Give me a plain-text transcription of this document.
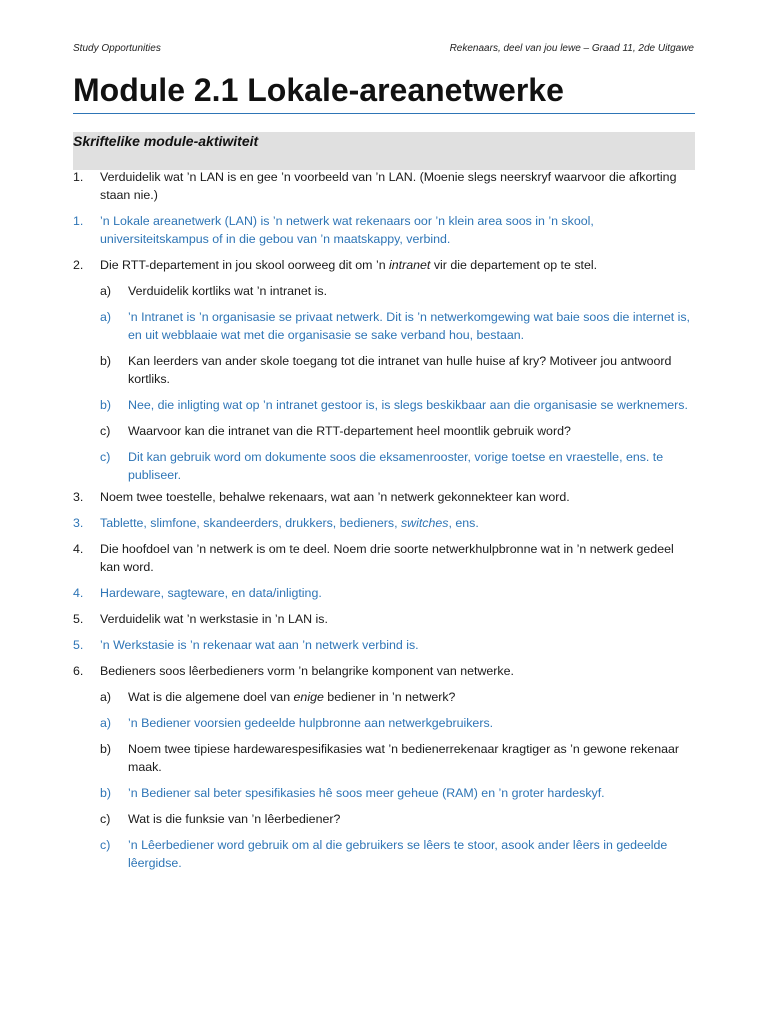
Study Opportunities	Rekenaars, deel van jou lewe – Graad 11, 2de Uitgawe
Module 2.1 Lokale-areanetwerke
Skriftelike module-aktiwiteit
1. Verduidelik wat ’n LAN is en gee ’n voorbeeld van ’n LAN. (Moenie slegs neerskryf waarvoor die afkorting staan nie.)
1. ’n Lokale areanetwerk (LAN) is ’n netwerk wat rekenaars oor ’n klein area soos in ’n skool, universiteitskampus of in die gebou van ’n maatskappy, verbind.
2. Die RTT-departement in jou skool oorweeg dit om ’n intranet vir die departement op te stel.
a) Verduidelik kortliks wat ’n intranet is.
a) ’n Intranet is ’n organisasie se privaat netwerk. Dit is ’n netwerkomgewing wat baie soos die internet is, en uit webblaaie wat met die organisasie se sake verband hou, bestaan.
b) Kan leerders van ander skole toegang tot die intranet van hulle huise af kry? Motiveer jou antwoord kortliks.
b) Nee, die inligting wat op ’n intranet gestoor is, is slegs beskikbaar aan die organisasie se werknemers.
c) Waarvoor kan die intranet van die RTT-departement heel moontlik gebruik word?
c) Dit kan gebruik word om dokumente soos die eksamenrooster, vorige toetse en vraestelle, ens. te publiseer.
3. Noem twee toestelle, behalwe rekenaars, wat aan ’n netwerk gekonnekteer kan word.
3. Tablette, slimfone, skandeerders, drukkers, bedieners, switches, ens.
4. Die hoofdoel van ’n netwerk is om te deel. Noem drie soorte netwerkhulpbronne wat in ’n netwerk gedeel kan word.
4. Hardeware, sagteware, en data/inligting.
5. Verduidelik wat ’n werkstasie in ’n LAN is.
5. ’n Werkstasie is ’n rekenaar wat aan ’n netwerk verbind is.
6. Bedieners soos lêerbedieners vorm ’n belangrike komponent van netwerke.
a) Wat is die algemene doel van enige bediener in ’n netwerk?
a) ’n Bediener voorsien gedeelde hulpbronne aan netwerkgebruikers.
b) Noem twee tipiese hardewarespesifikasies wat ’n bedienerrekenaar kragtiger as ’n gewone rekenaar maak.
b) ’n Bediener sal beter spesifikasies hê soos meer geheue (RAM) en ’n groter hardeskyf.
c) Wat is die funksie van ’n lêerbediener?
c) ’n Lêerbediener word gebruik om al die gebruikers se lêers te stoor, asook ander lêers in gedeelde lêergidse.
